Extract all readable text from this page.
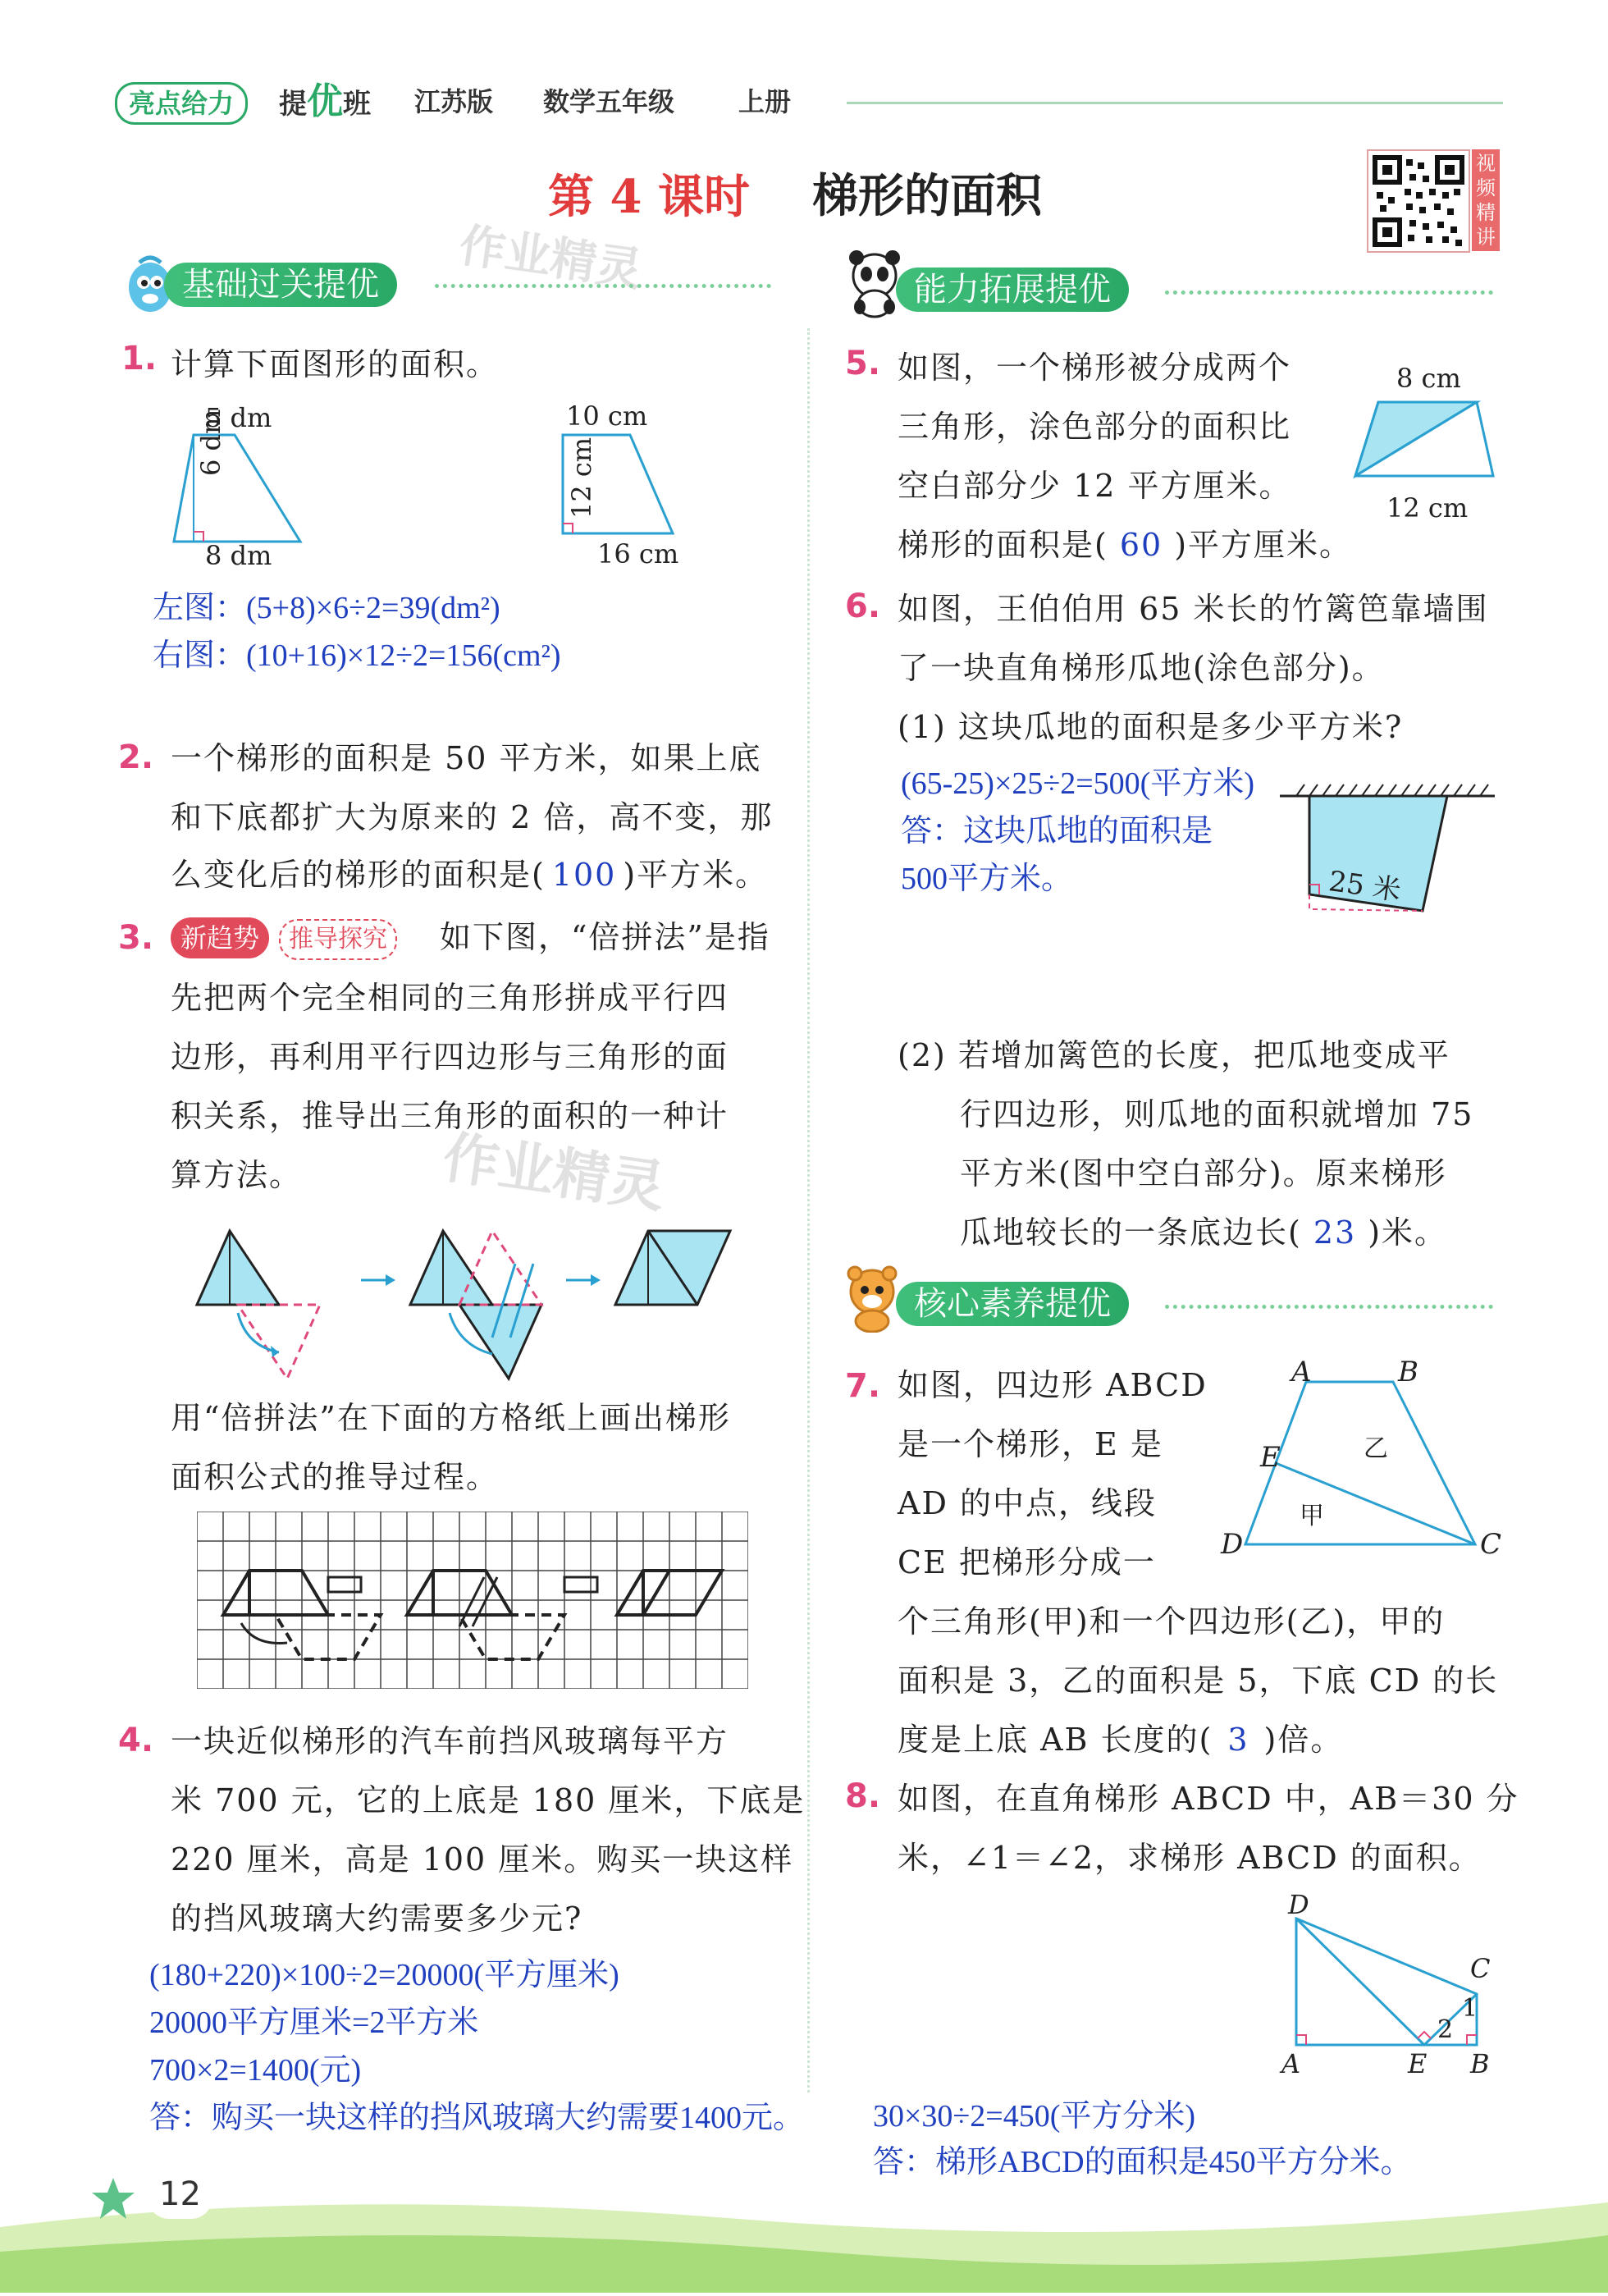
亮点给力	提优班 江苏版 数学五年级 上册
第 4 课时 梯形的面积
视频精讲
作业精灵
作业精灵
基础过关提优
1. 计算下面图形的面积。
5 dm
6 dm
8 dm
10 cm
12 cm
16 cm
左图：(5+8)×6÷2=39(dm²)
右图：(10+16)×12÷2=156(cm²)
2. 一个梯形的面积是 50 平方米，如果上底
和下底都扩大为原来的 2 倍，高不变，那
么变化后的梯形的面积是( 100 )平方米。
3.	新趋势	推导探究	如下图，“倍拼法”是指
先把两个完全相同的三角形拼成平行四
边形，再利用平行四边形与三角形的面
积关系，推导出三角形的面积的一种计
算方法。
用“倍拼法”在下面的方格纸上画出梯形
面积公式的推导过程。
4. 一块近似梯形的汽车前挡风玻璃每平方
米 700 元，它的上底是 180 厘米，下底是
220 厘米，高是 100 厘米。购买一块这样
的挡风玻璃大约需要多少元?
(180+220)×100÷2=20000(平方厘米)
20000平方厘米=2平方米
700×2=1400(元)
答：购买一块这样的挡风玻璃大约需要1400元。
能力拓展提优
5. 如图，一个梯形被分成两个
三角形，涂色部分的面积比
空白部分少 12 平方厘米。
梯形的面积是( 60 )平方厘米。
8 cm
12 cm
6. 如图，王伯伯用 65 米长的竹篱笆靠墙围
了一块直角梯形瓜地(涂色部分)。
(1) 这块瓜地的面积是多少平方米?
(65-25)×25÷2=500(平方米)
答：这块瓜地的面积是
500平方米。	25 米
(2) 若增加篱笆的长度，把瓜地变成平
行四边形，则瓜地的面积就增加 75
平方米(图中空白部分)。原来梯形
瓜地较长的一条底边长( 23 )米。
核心素养提优
7. 如图，四边形 ABCD
是一个梯形，E 是
AD 的中点，线段
CE 把梯形分成一
个三角形(甲)和一个四边形(乙)，甲的
面积是 3，乙的面积是 5，下底 CD 的长
度是上底 AB 长度的( 3 )倍。
A	B
E
D	C
甲
乙
8. 如图，在直角梯形 ABCD 中，AB＝30 分
米，∠1＝∠2，求梯形 ABCD 的面积。
D
C
A	E B
1
2
30×30÷2=450(平方分米)
答：梯形ABCD的面积是450平方分米。
12
